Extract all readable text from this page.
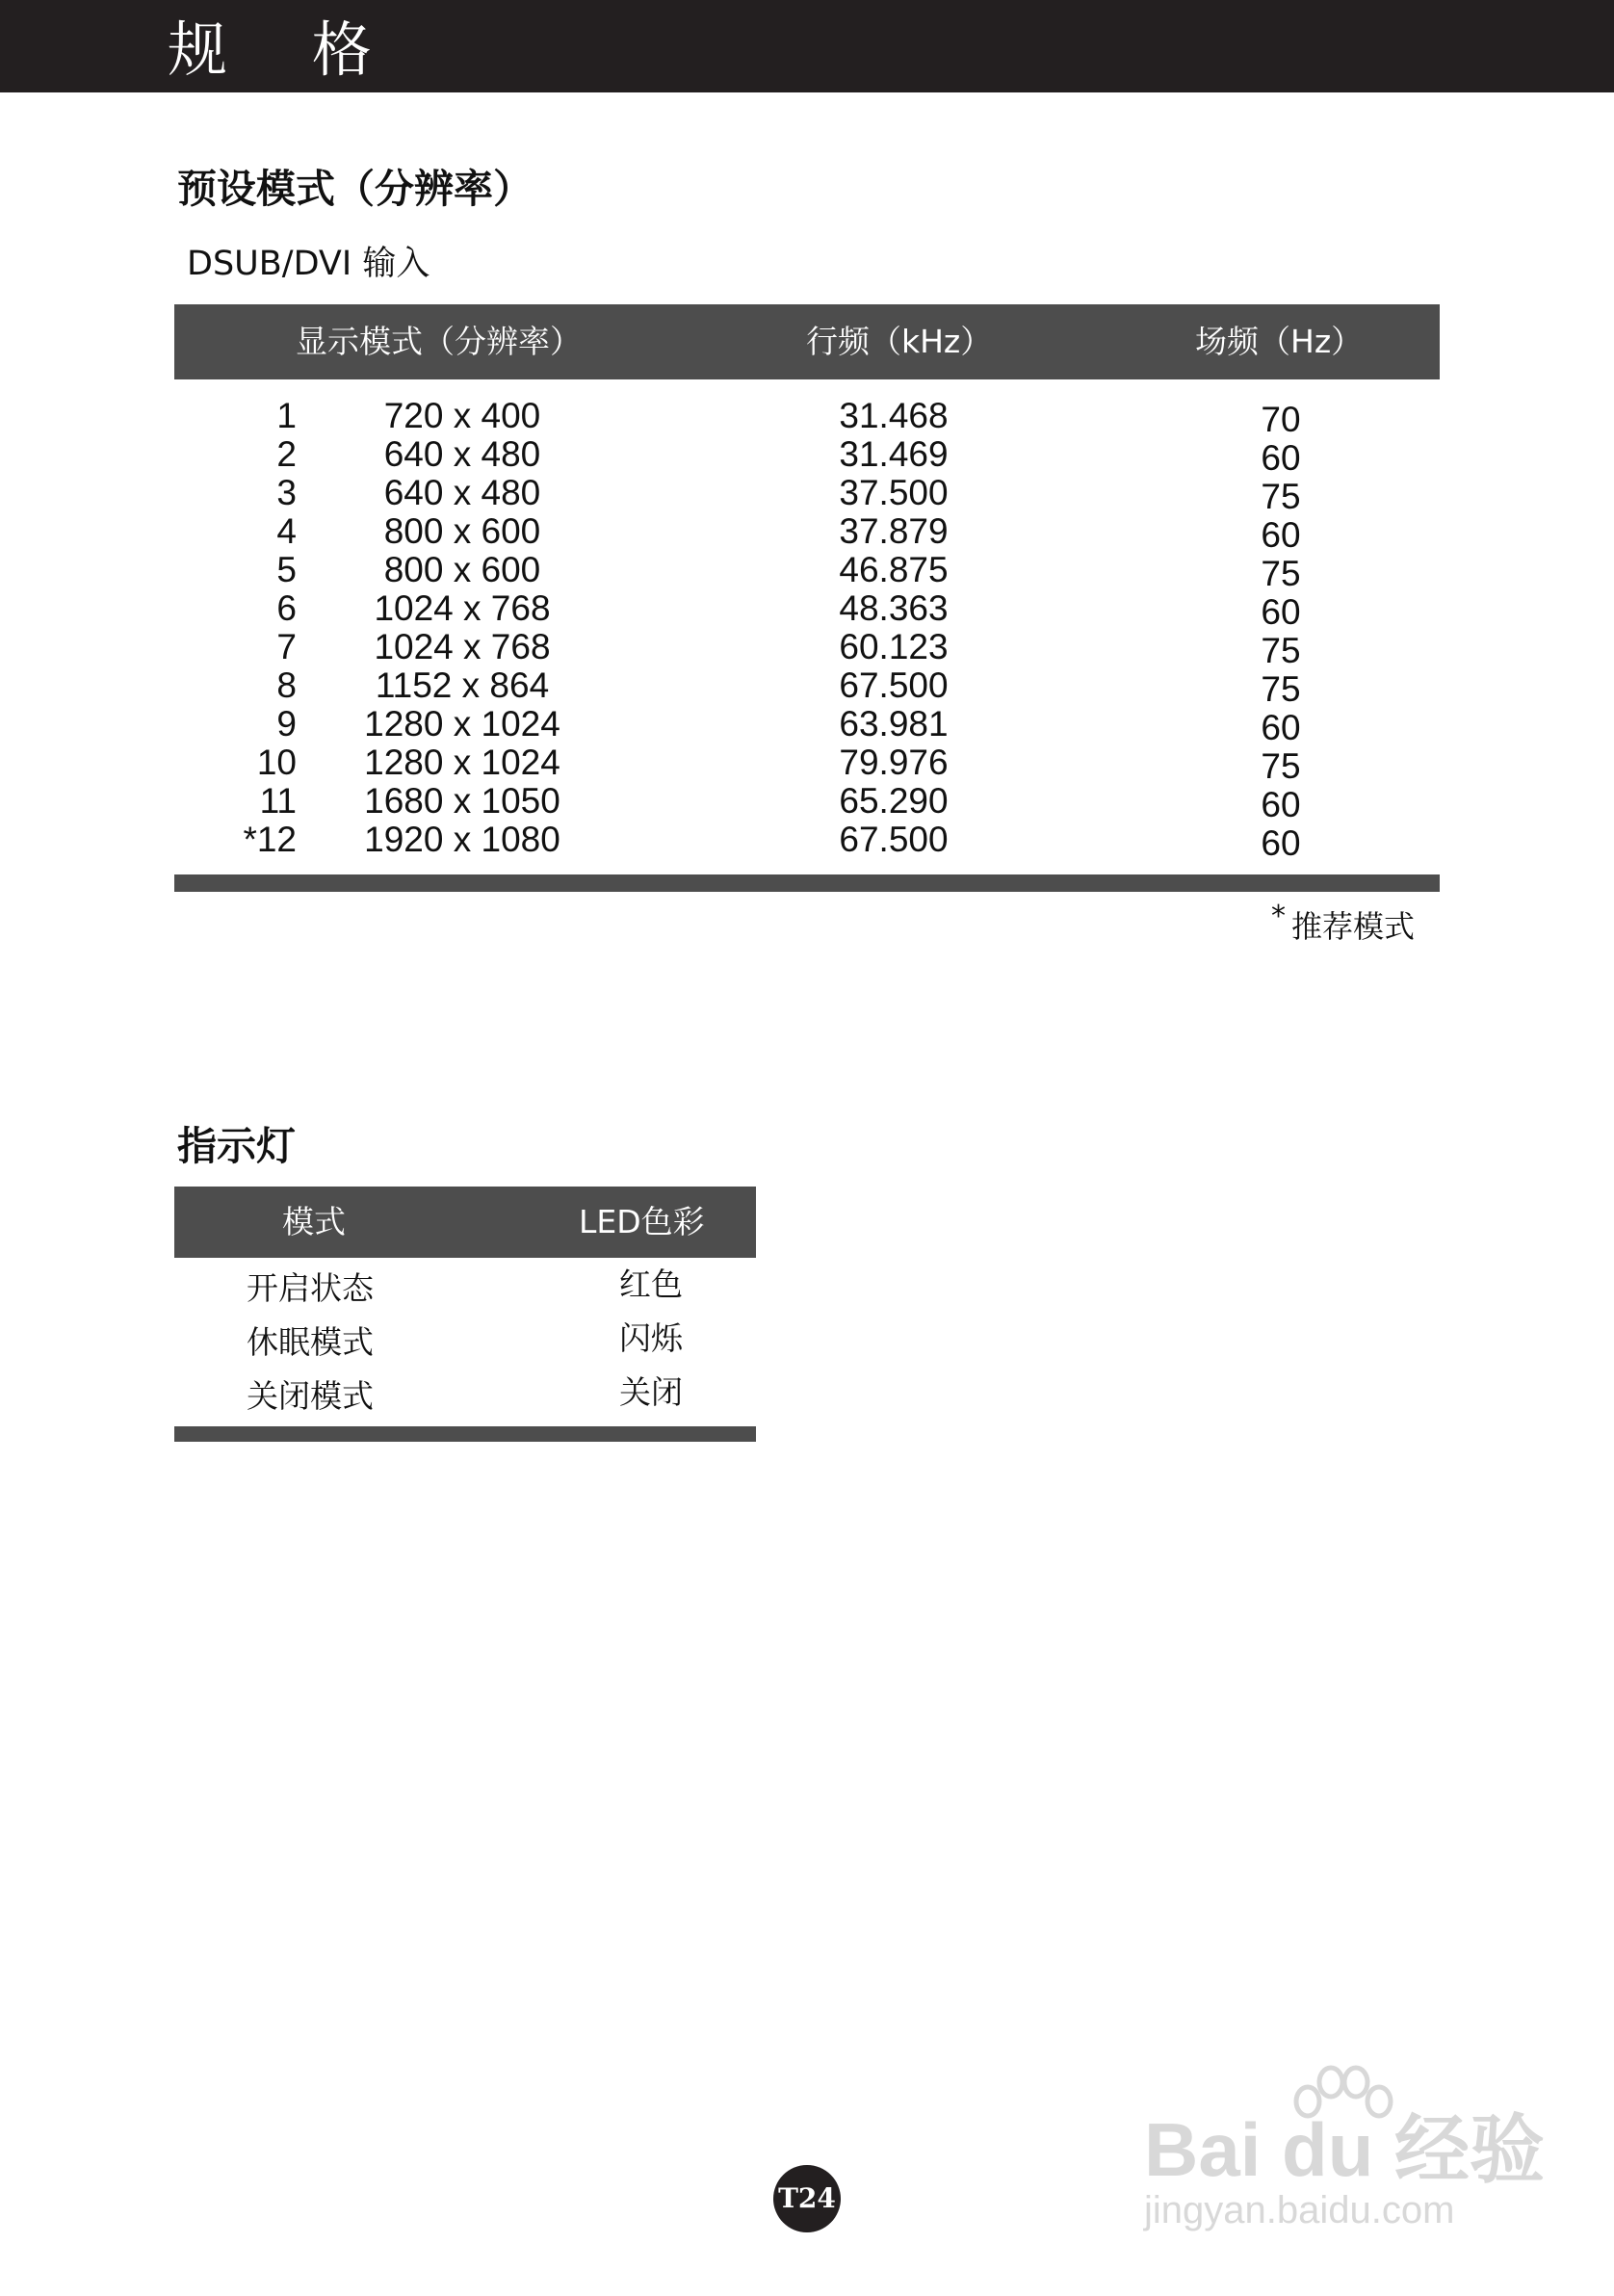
规 格
预设模式（分辨率）
DSUB/DVI 输入
显示模式（分辨率）	行频（kHz）	场频（Hz）
1	720 x 400	31.468	70
2	640 x 480	31.469	60
3	640 x 480	37.500	75
4	800 x 600	37.879	60
5	800 x 600	46.875	75
6	1024 x 768	48.363	60
7	1024 x 768	60.123	75
8	1152 x 864	67.500	75
9	1280 x 1024	63.981	60
10	1280 x 1024	79.976	75
11	1680 x 1050	65.290	60
*12	1920 x 1080	67.500	60
* 推荐模式
指示灯
模式	LED色彩
开启状态	红色
休眠模式	闪烁
关闭模式	关闭
T24
Bai du 经验
jingyan.baidu.com
